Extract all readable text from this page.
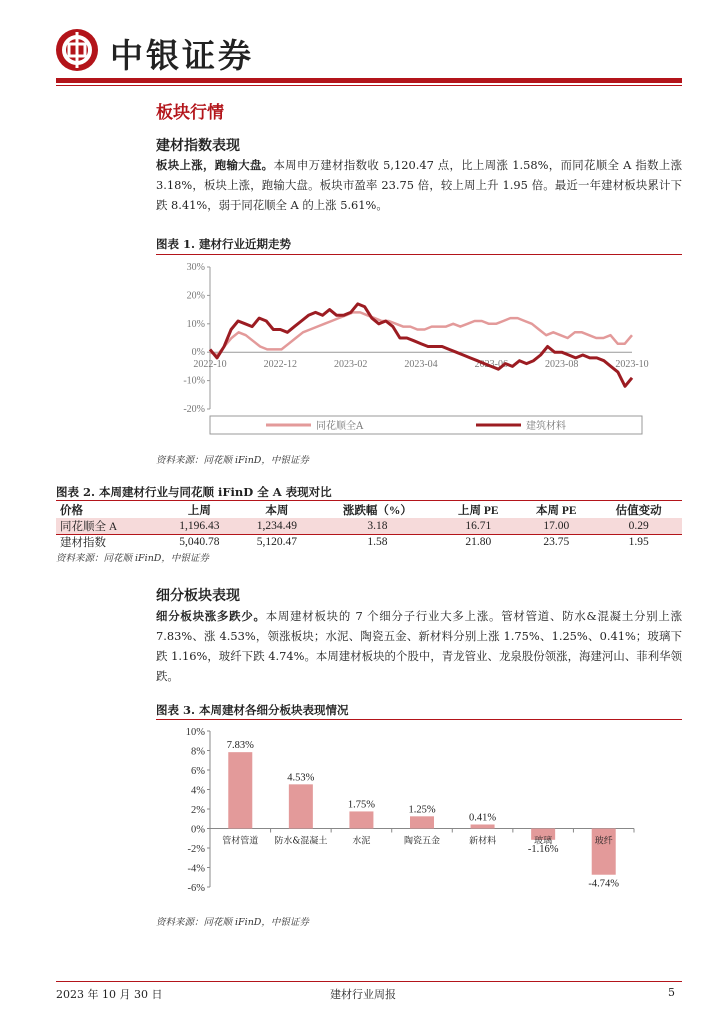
中银证券
板块行情
建材指数表现
板块上涨，跑输大盘。本周申万建材指数收 5,120.47 点，比上周涨 1.58%，而同花顺全 A 指数上涨 3.18%，板块上涨，跑输大盘。板块市盈率 23.75 倍，较上周上升 1.95 倍。最近一年建材板块累计下跌 8.41%，弱于同花顺全 A 的上涨 5.61%。
图表 1. 建材行业近期走势
30%
20%
10%
0%
-10%
-20%
2022-10	2022-12	2023-02	2023-04	2023-06	2023-08	2023-10
同花顺全A	建筑材料
资料来源：同花顺 iFinD，中银证券
图表 2. 本周建材行业与同花顺 iFinD 全 A 表现对比
价格	上周	本周	涨跌幅（%）	上周 PE	本周 PE	估值变动
同花顺全 A	1,196.43	1,234.49	3.18	16.71	17.00	0.29
建材指数	5,040.78	5,120.47	1.58	21.80	23.75	1.95
资料来源：同花顺 iFinD，中银证券
细分板块表现
细分板块涨多跌少。本周建材板块的 7 个细分子行业大多上涨。管材管道、防水&混凝土分别上涨 7.83%、涨 4.53%，领涨板块；水泥、陶瓷五金、新材料分别上涨 1.75%、1.25%、0.41%；玻璃下跌 1.16%，玻纤下跌 4.74%。本周建材板块的个股中，青龙管业、龙泉股份领涨，海建河山、菲利华领跌。
图表 3. 本周建材各细分板块表现情况
10%
8%
6%
4%
2%
0%
-2%
-4%
-6%
7.83%
管材管道
4.53%
防水&混凝土
1.75%
水泥
1.25%
陶瓷五金
0.41%
新材料
-1.16%
玻璃
-4.74%
玻纤
资料来源：同花顺 iFinD，中银证券
2023 年 10 月 30 日	建材行业周报	5
